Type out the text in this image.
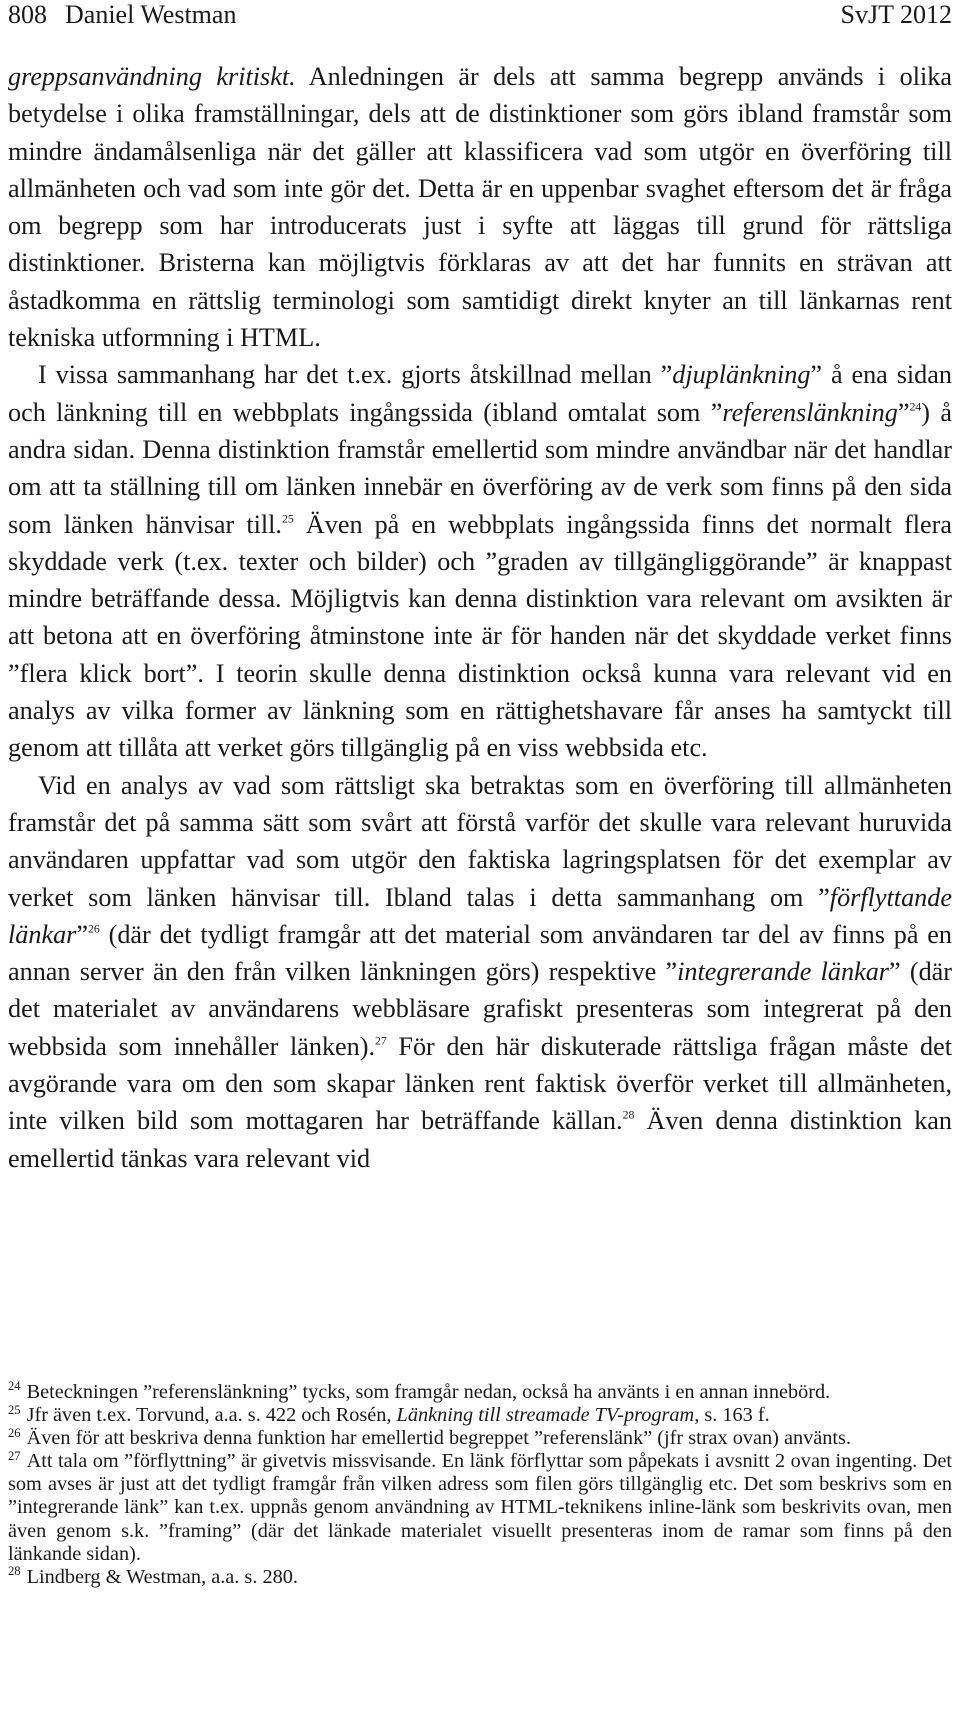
808 Daniel Westman	SvJT 2012

greppsanvändning kritiskt. Anledningen är dels att samma begrepp används i olika betydelse i olika framställningar, dels att de distinktioner som görs ibland framstår som mindre ändamålsenliga när det gäller att klassificera vad som utgör en överföring till allmänheten och vad som inte gör det. Detta är en uppenbar svaghet eftersom det är fråga om begrepp som har introducerats just i syfte att läggas till grund för rättsliga distinktioner. Bristerna kan möjligtvis förklaras av att det har funnits en strävan att åstadkomma en rättslig terminologi som samtidigt direkt knyter an till länkarnas rent tekniska utformning i HTML.

I vissa sammanhang har det t.ex. gjorts åtskillnad mellan ”djuplänkning” å ena sidan och länkning till en webbplats ingångssida (ibland omtalat som ”referenslänkning”$^{24}$) å andra sidan. Denna distinktion framstår emellertid som mindre användbar när det handlar om att ta ställning till om länken innebär en överföring av de verk som finns på den sida som länken hänvisar till.$^{25}$ Även på en webbplats ingångssida finns det normalt flera skyddade verk (t.ex. texter och bilder) och ”graden av tillgängliggörande” är knappast mindre beträffande dessa. Möjligtvis kan denna distinktion vara relevant om avsikten är att betona att en överföring åtminstone inte är för handen när det skyddade verket finns ”flera klick bort”. I teorin skulle denna distinktion också kunna vara relevant vid en analys av vilka former av länkning som en rättighetshavare får anses ha samtyckt till genom att tillåta att verket görs tillgänglig på en viss webbsida etc.

Vid en analys av vad som rättsligt ska betraktas som en överföring till allmänheten framstår det på samma sätt som svårt att förstå varför det skulle vara relevant huruvida användaren uppfattar vad som utgör den faktiska lagringsplatsen för det exemplar av verket som länken hänvisar till. Ibland talas i detta sammanhang om ”förflyttande länkar”$^{26}$ (där det tydligt framgår att det material som användaren tar del av finns på en annan server än den från vilken länkningen görs) respektive ”integrerande länkar” (där det materialet av användarens webbläsare grafiskt presenteras som integrerat på den webbsida som innehåller länken).$^{27}$ För den här diskuterade rättsliga frågan måste det avgörande vara om den som skapar länken rent faktisk överför verket till allmänheten, inte vilken bild som mottagaren har beträffande källan.$^{28}$ Även denna distinktion kan emellertid tänkas vara relevant vid

$^{24}$ Beteckningen ”referenslänkning” tycks, som framgår nedan, också ha använts i en annan innebörd.

$^{25}$ Jfr även t.ex. Torvund, a.a. s. 422 och Rosén, Länkning till streamade TV-program, s. 163 f.

$^{26}$ Även för att beskriva denna funktion har emellertid begreppet ”referenslänk” (jfr strax ovan) använts.

$^{27}$ Att tala om ”förflyttning” är givetvis missvisande. En länk förflyttar som påpekats i avsnitt 2 ovan ingenting. Det som avses är just att det tydligt framgår från vilken adress som filen görs tillgänglig etc. Det som beskrivs som en ”integrerande länk” kan t.ex. uppnås genom användning av HTML-teknikens inline-länk som beskrivits ovan, men även genom s.k. ”framing” (där det länkade materialet visuellt presenteras inom de ramar som finns på den länkande sidan).

$^{28}$ Lindberg & Westman, a.a. s. 280.
